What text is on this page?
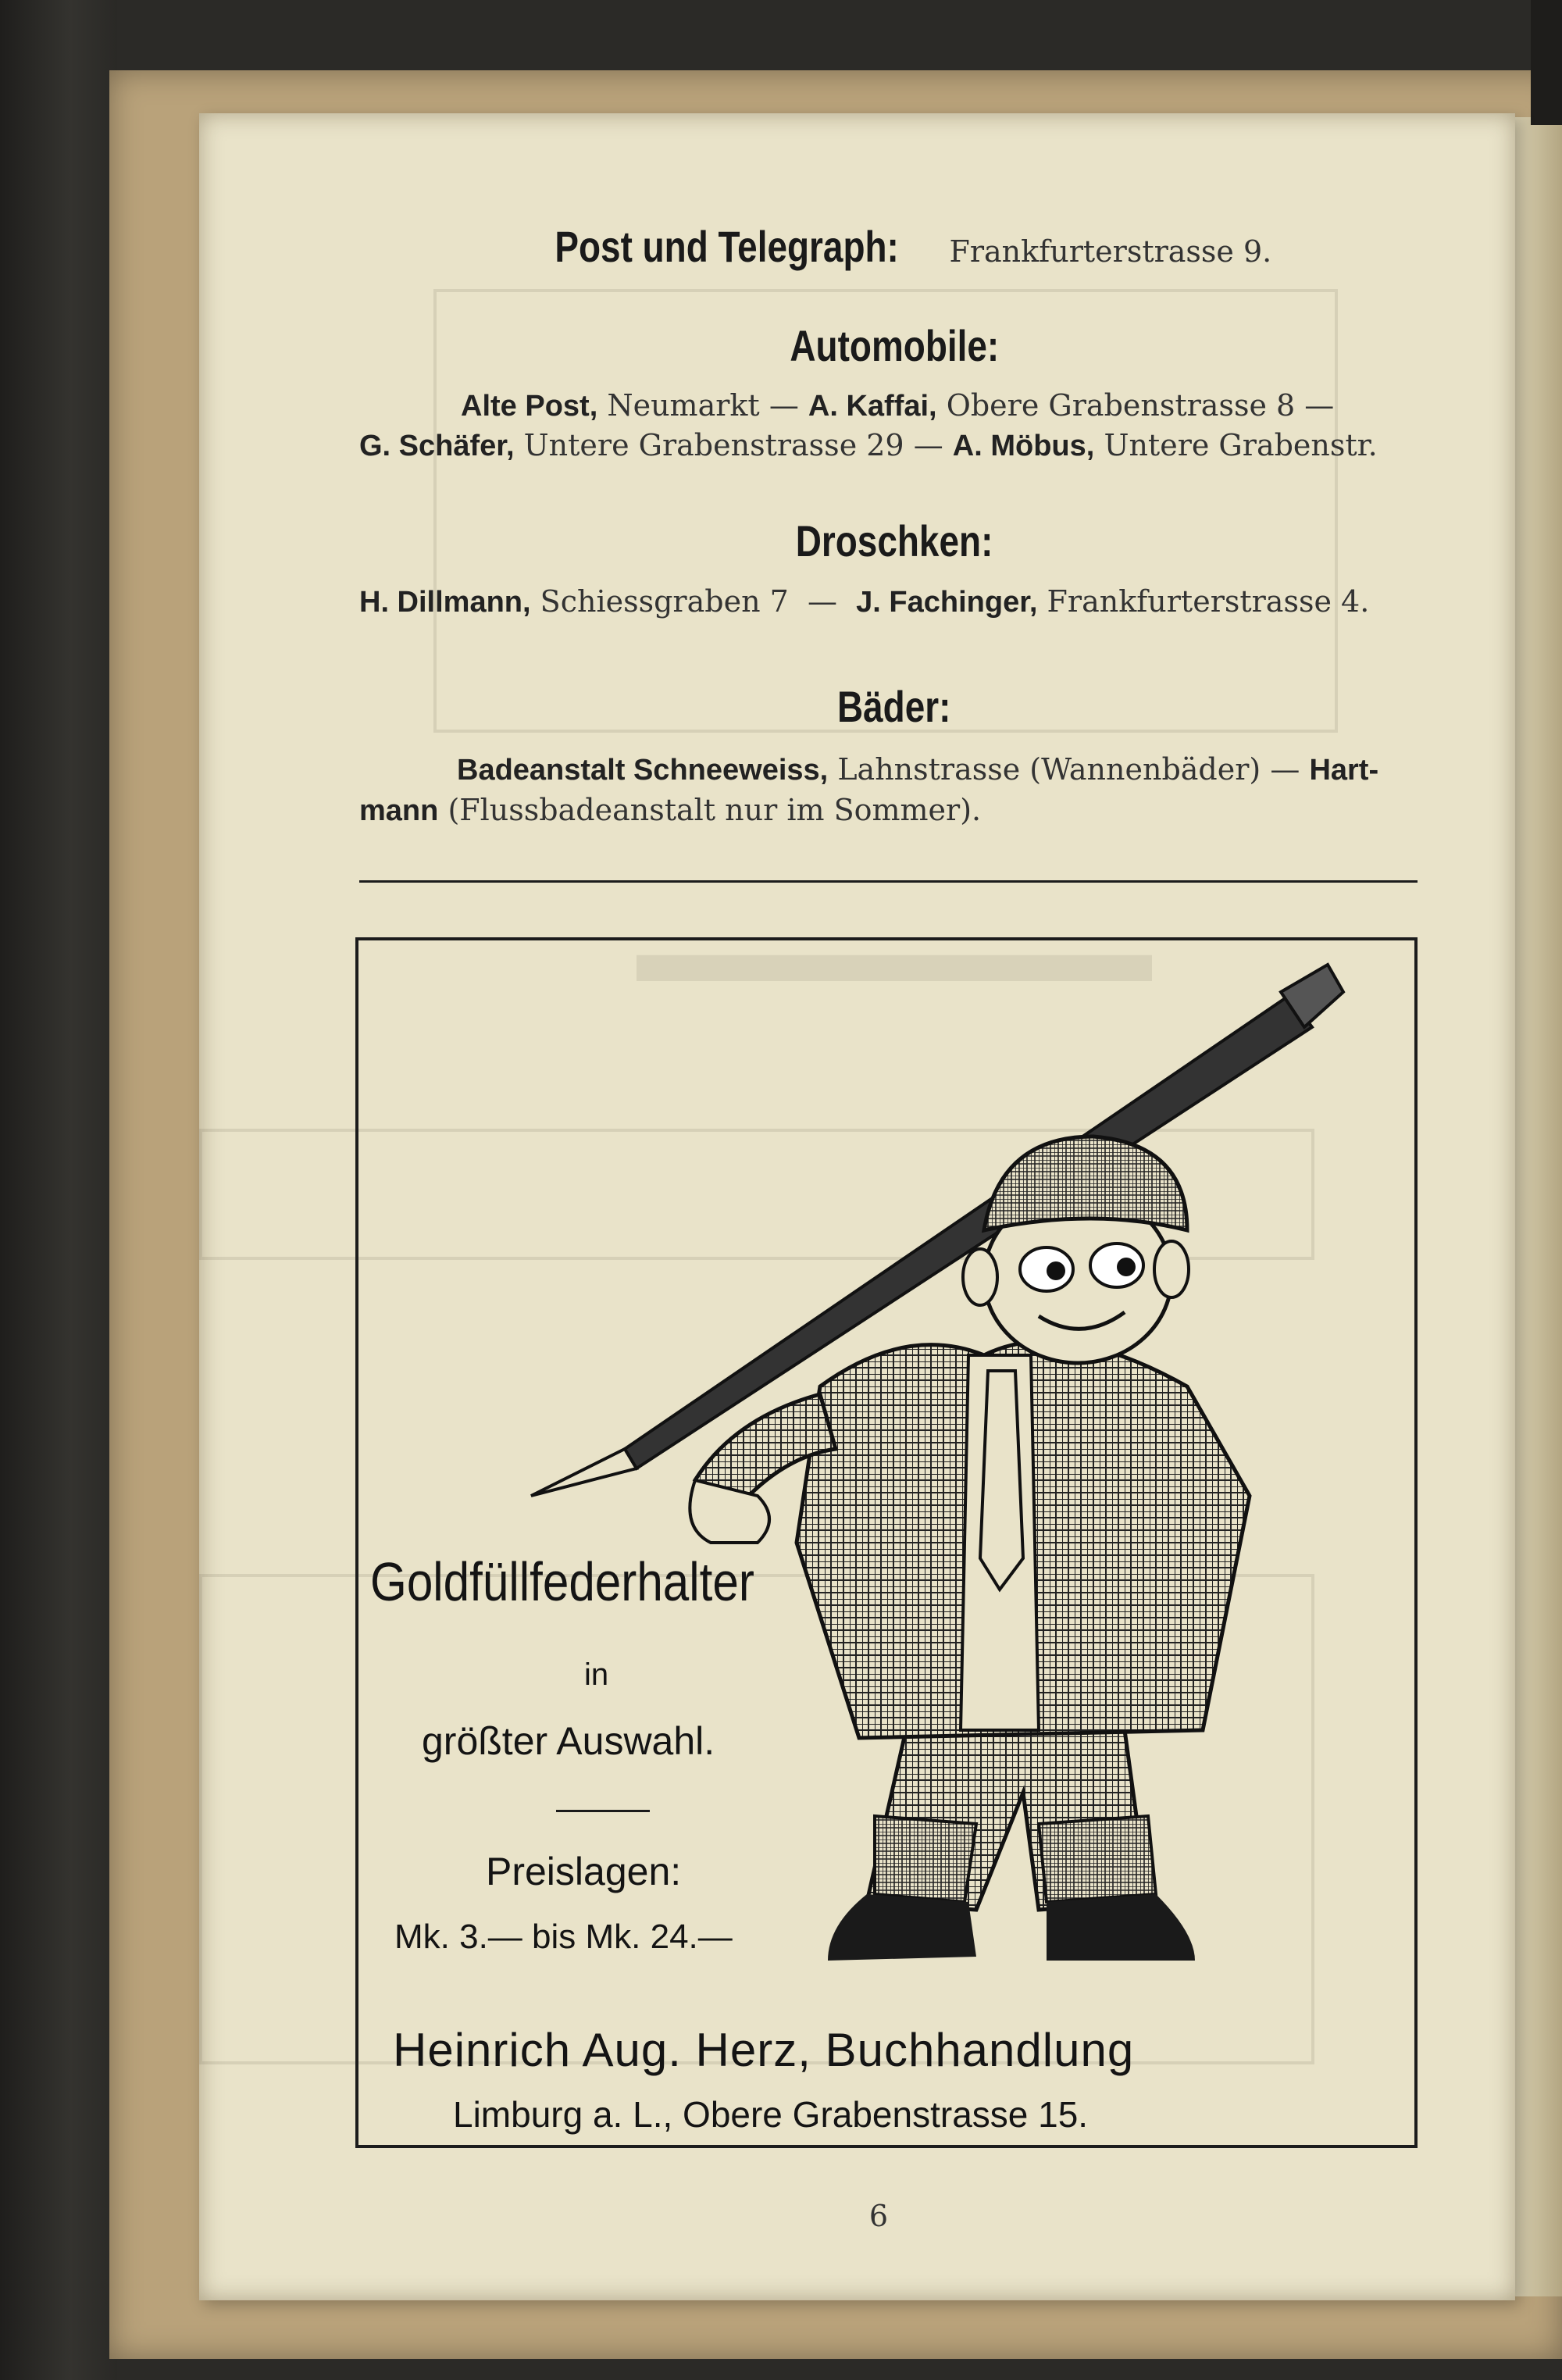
▬▬▬▬▬▬
Post und Telegraph: Frankfurterstrasse 9.
Automobile:
Alte Post, Neumarkt — A. Kaffai, Obere Grabenstrasse 8 —
G. Schäfer, Untere Grabenstrasse 29 — A. Möbus, Untere Grabenstr.
Droschken:
H. Dillmann, Schiessgraben 7 — J. Fachinger, Frankfurterstrasse 4.
Bäder:
Badeanstalt Schneeweiss, Lahnstrasse (Wannenbäder) — Hart-
mann (Flussbadeanstalt nur im Sommer).
Goldfüllfederhalter
in
größter Auswahl.
Preislagen:
Mk. 3.— bis Mk. 24.—
Heinrich Aug. Herz, Buchhandlung
Limburg a. L., Obere Grabenstrasse 15.
6
